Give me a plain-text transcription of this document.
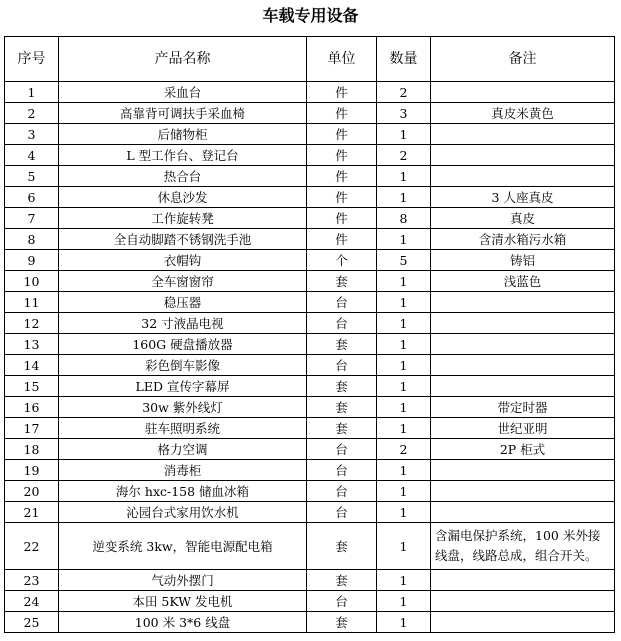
车载专用设备
序号	产品名称	单位	数量	备注
1	采血台	件	2	
2	高靠背可调扶手采血椅	件	3	真皮米黄色
3	后储物柜	件	1	
4	L 型工作台、登记台	件	2	
5	热合台	件	1	
6	休息沙发	件	1	3 人座真皮
7	工作旋转凳	件	8	真皮
8	全自动脚踏不锈钢洗手池	件	1	含清水箱污水箱
9	衣帽钩	个	5	铸铝
10	全车窗窗帘	套	1	浅蓝色
11	稳压器	台	1	
12	32 寸液晶电视	台	1	
13	160G 硬盘播放器	套	1	
14	彩色倒车影像	台	1	
15	LED 宣传字幕屏	套	1	
16	30w 紫外线灯	套	1	带定时器
17	驻车照明系统	套	1	世纪亚明
18	格力空调	台	2	2P 柜式
19	消毒柜	台	1	
20	海尔 hxc-158 储血冰箱	台	1	
21	沁园台式家用饮水机	台	1	
22	逆变系统 3kw，智能电源配电箱	套	1	含漏电保护系统，100 米外接线盘，线路总成，组合开关。
23	气动外摆门	套	1	
24	本田 5KW 发电机	台	1	
25	100 米 3*6 线盘	套	1	
